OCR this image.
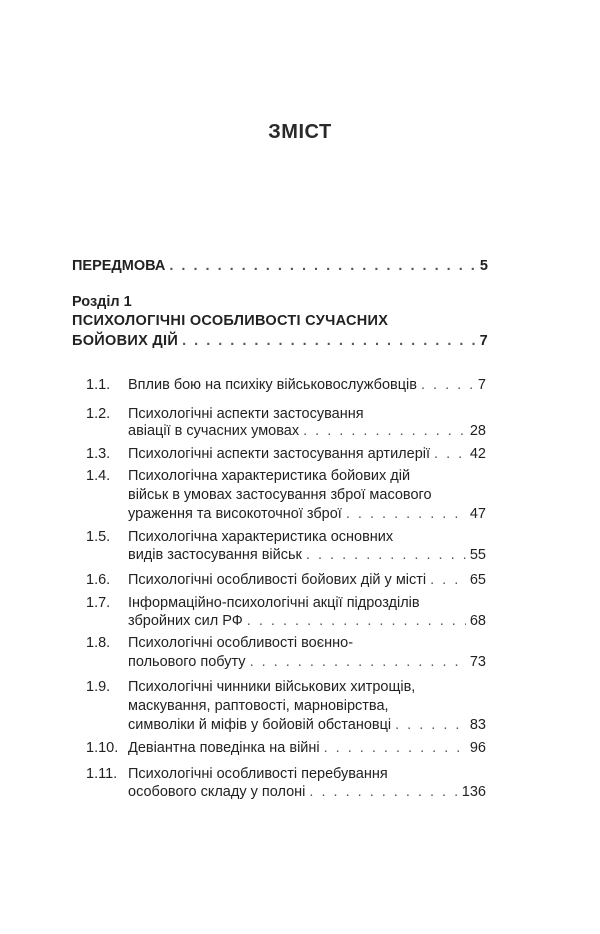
ЗМІСТ
ПЕРЕДМОВА . . .	5
Розділ 1
ПСИХОЛОГІЧНІ ОСОБЛИВОСТІ СУЧАСНИХ
БОЙОВИХ ДІЙ . . .	7
1.1. Вплив бою на психіку військовослужбовців . . .	7
1.2. Психологічні аспекти застосування
авіації в сучасних умовах . . .	28
1.3. Психологічні аспекти застосування артилерії . . .	42
1.4. Психологічна характеристика бойових дій
військ в умовах застосування зброї масового
ураження та високоточної зброї . . .	47
1.5. Психологічна характеристика основних
видів застосування військ . . .	55
1.6. Психологічні особливості бойових дій у місті . . .	65
1.7. Інформаційно-психологічні акції підрозділів
збройних сил РФ . . .	68
1.8. Психологічні особливості воєнно-
польового побуту . . .	73
1.9. Психологічні чинники військових хитрощів,
маскування, раптовості, марновірства,
символіки й міфів у бойовій обстановці . . .	83
1.10. Девіантна поведінка на війні . . .	96
1.11. Психологічні особливості перебування
особового складу у полоні . . .	136
